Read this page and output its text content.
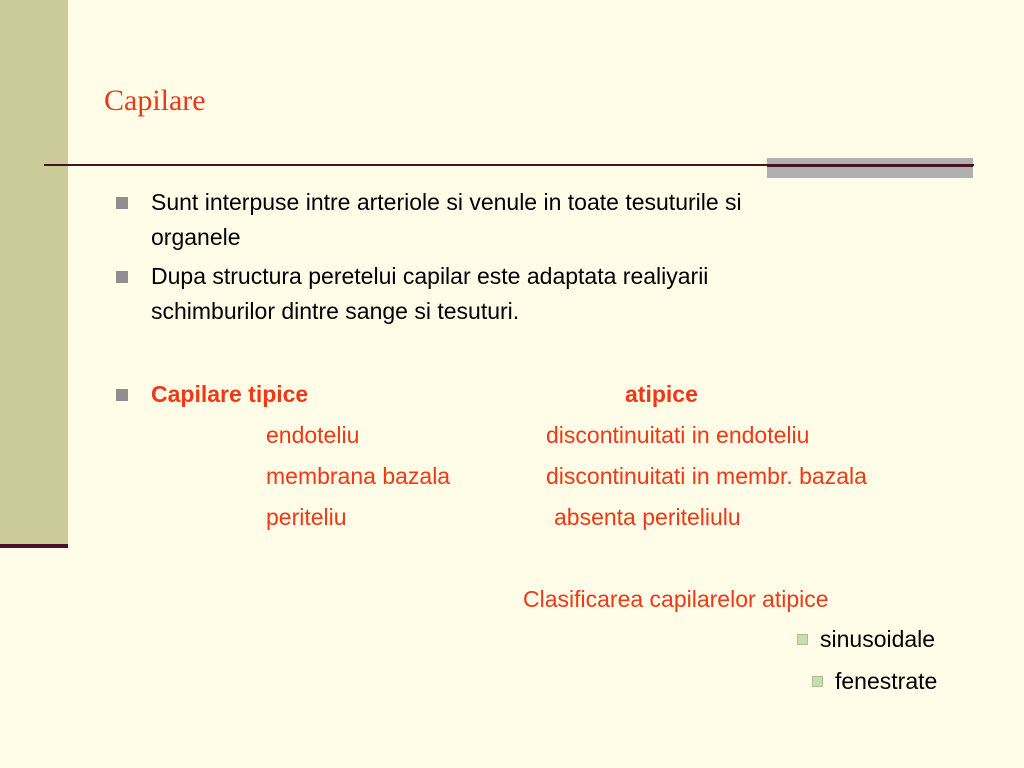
Capilare
Sunt interpuse intre arteriole si venule in toate tesuturile si
organele
Dupa structura peretelui capilar este adaptata realiyarii
schimburilor dintre sange si tesuturi.
Capilare tipice	atipice
endoteliu	discontinuitati in endoteliu
membrana bazala	discontinuitati in membr. bazala
periteliu	absenta periteliulu
Clasificarea capilarelor atipice
sinusoidale
fenestrate
